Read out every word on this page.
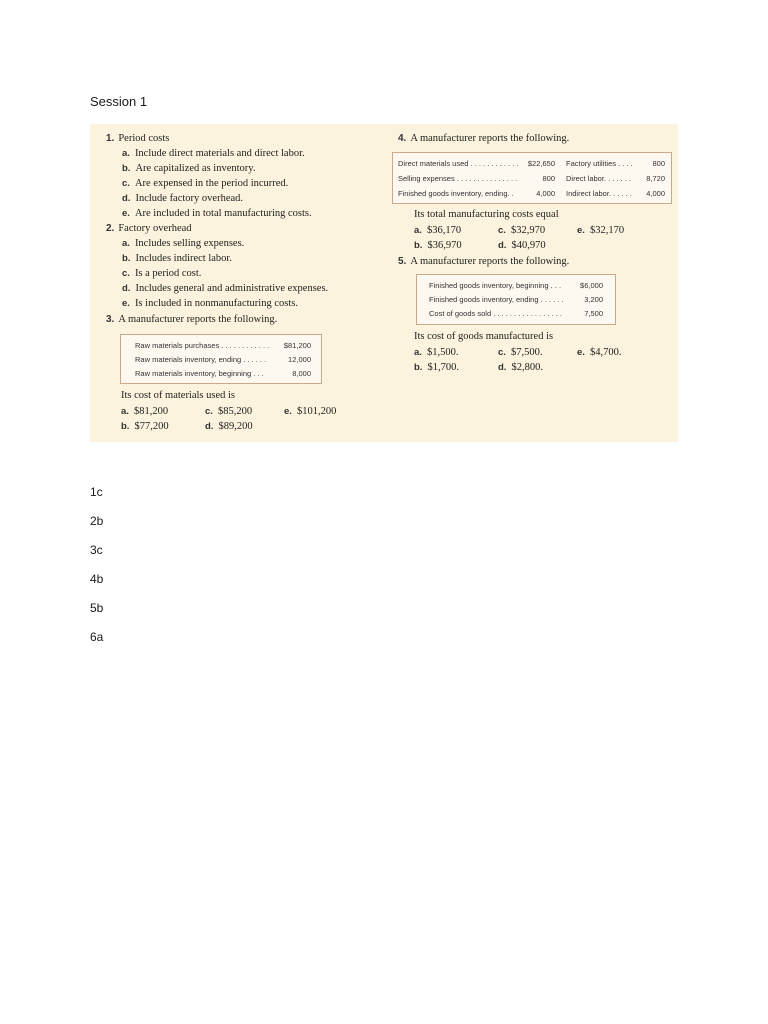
Session 1
1. Period costs
a. Include direct materials and direct labor.
b. Are capitalized as inventory.
c. Are expensed in the period incurred.
d. Include factory overhead.
e. Are included in total manufacturing costs.
2. Factory overhead
a. Includes selling expenses.
b. Includes indirect labor.
c. Is a period cost.
d. Includes general and administrative expenses.
e. Is included in nonmanufacturing costs.
3. A manufacturer reports the following.
Raw materials purchases . . . . . . . . . . . . $81,200
Raw materials inventory, ending . . . . . .	12,000
Raw materials inventory, beginning . . .	8,000
Its cost of materials used is
a. $81,200	c. $85,200	e. $101,200
b. $77,200	d. $89,200
4. A manufacturer reports the following.
Direct materials used . . . . . . . . . . . .	$22,650 Factory utilities . . . .	800
Selling expenses . . . . . . . . . . . . . . .	800 Direct labor. . . . . . . 8,720
Finished goods inventory, ending. .	4,000 Indirect labor. . . . . . 4,000
Its total manufacturing costs equal
a. $36,170	c. $32,970	e. $32,170
b. $36,970	d. $40,970
5. A manufacturer reports the following.
Finished goods inventory, beginning . . .	$6,000
Finished goods inventory, ending . . . . . .	3,200
Cost of goods sold . . . . . . . . . . . . . . . . .	7,500
Its cost of goods manufactured is
a. $1,500.	c. $7,500.	e. $4,700.
b. $1,700.	d. $2,800.
1c
2b
3c
4b
5b
6a
